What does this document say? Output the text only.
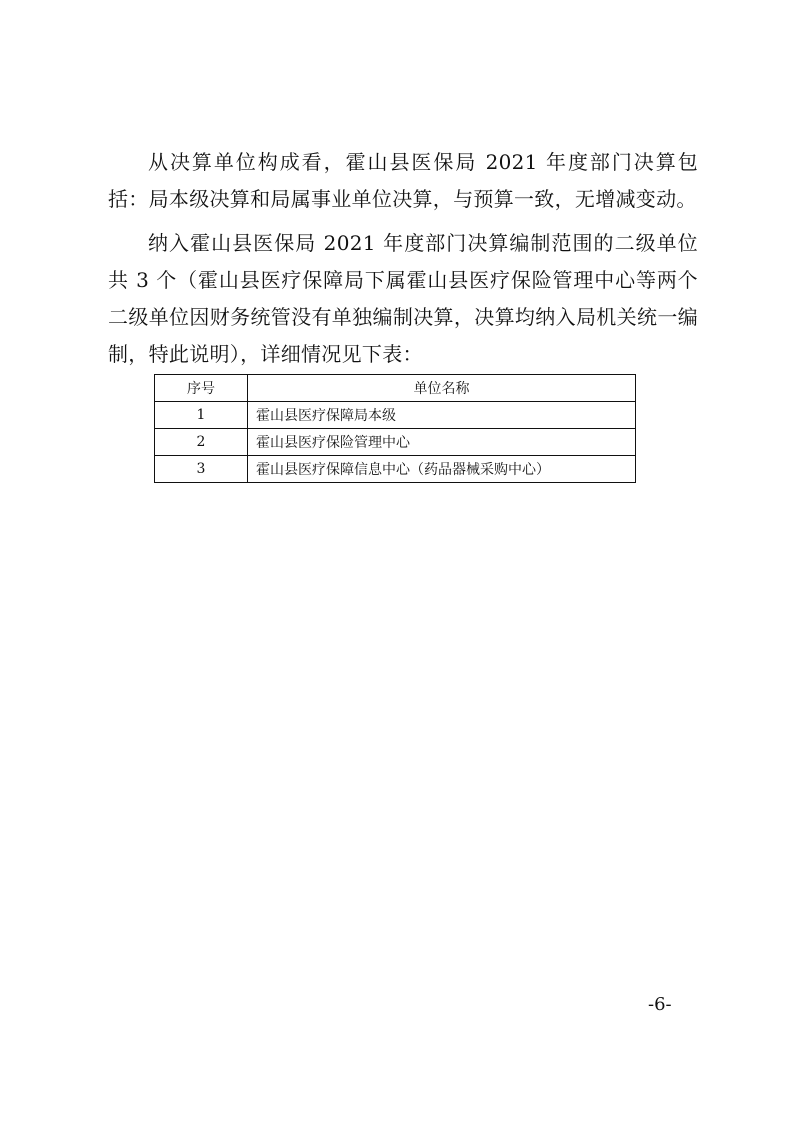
从决算单位构成看，霍山县医保局 2021 年度部门决算包括：局本级决算和局属事业单位决算，与预算一致，无增减变动。

纳入霍山县医保局 2021 年度部门决算编制范围的二级单位共 3 个（霍山县医疗保障局下属霍山县医疗保险管理中心等两个二级单位因财务统管没有单独编制决算，决算均纳入局机关统一编制，特此说明），详细情况见下表：

序号	单位名称
1	霍山县医疗保障局本级
2	霍山县医疗保险管理中心
3	霍山县医疗保障信息中心（药品器械采购中心）
-6-
